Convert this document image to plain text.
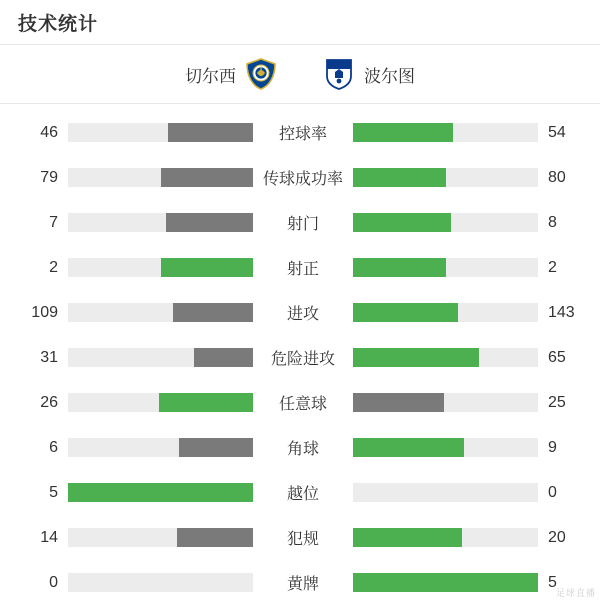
技术统计
切尔西	波尔图
46	控球率	54
79	传球成功率	80
7	射门	8
2	射正	2
109	进攻	143
31	危险进攻	65
26	任意球	25
6	角球	9
5	越位	0
14	犯规	20
0	黄牌	5
足球直播
